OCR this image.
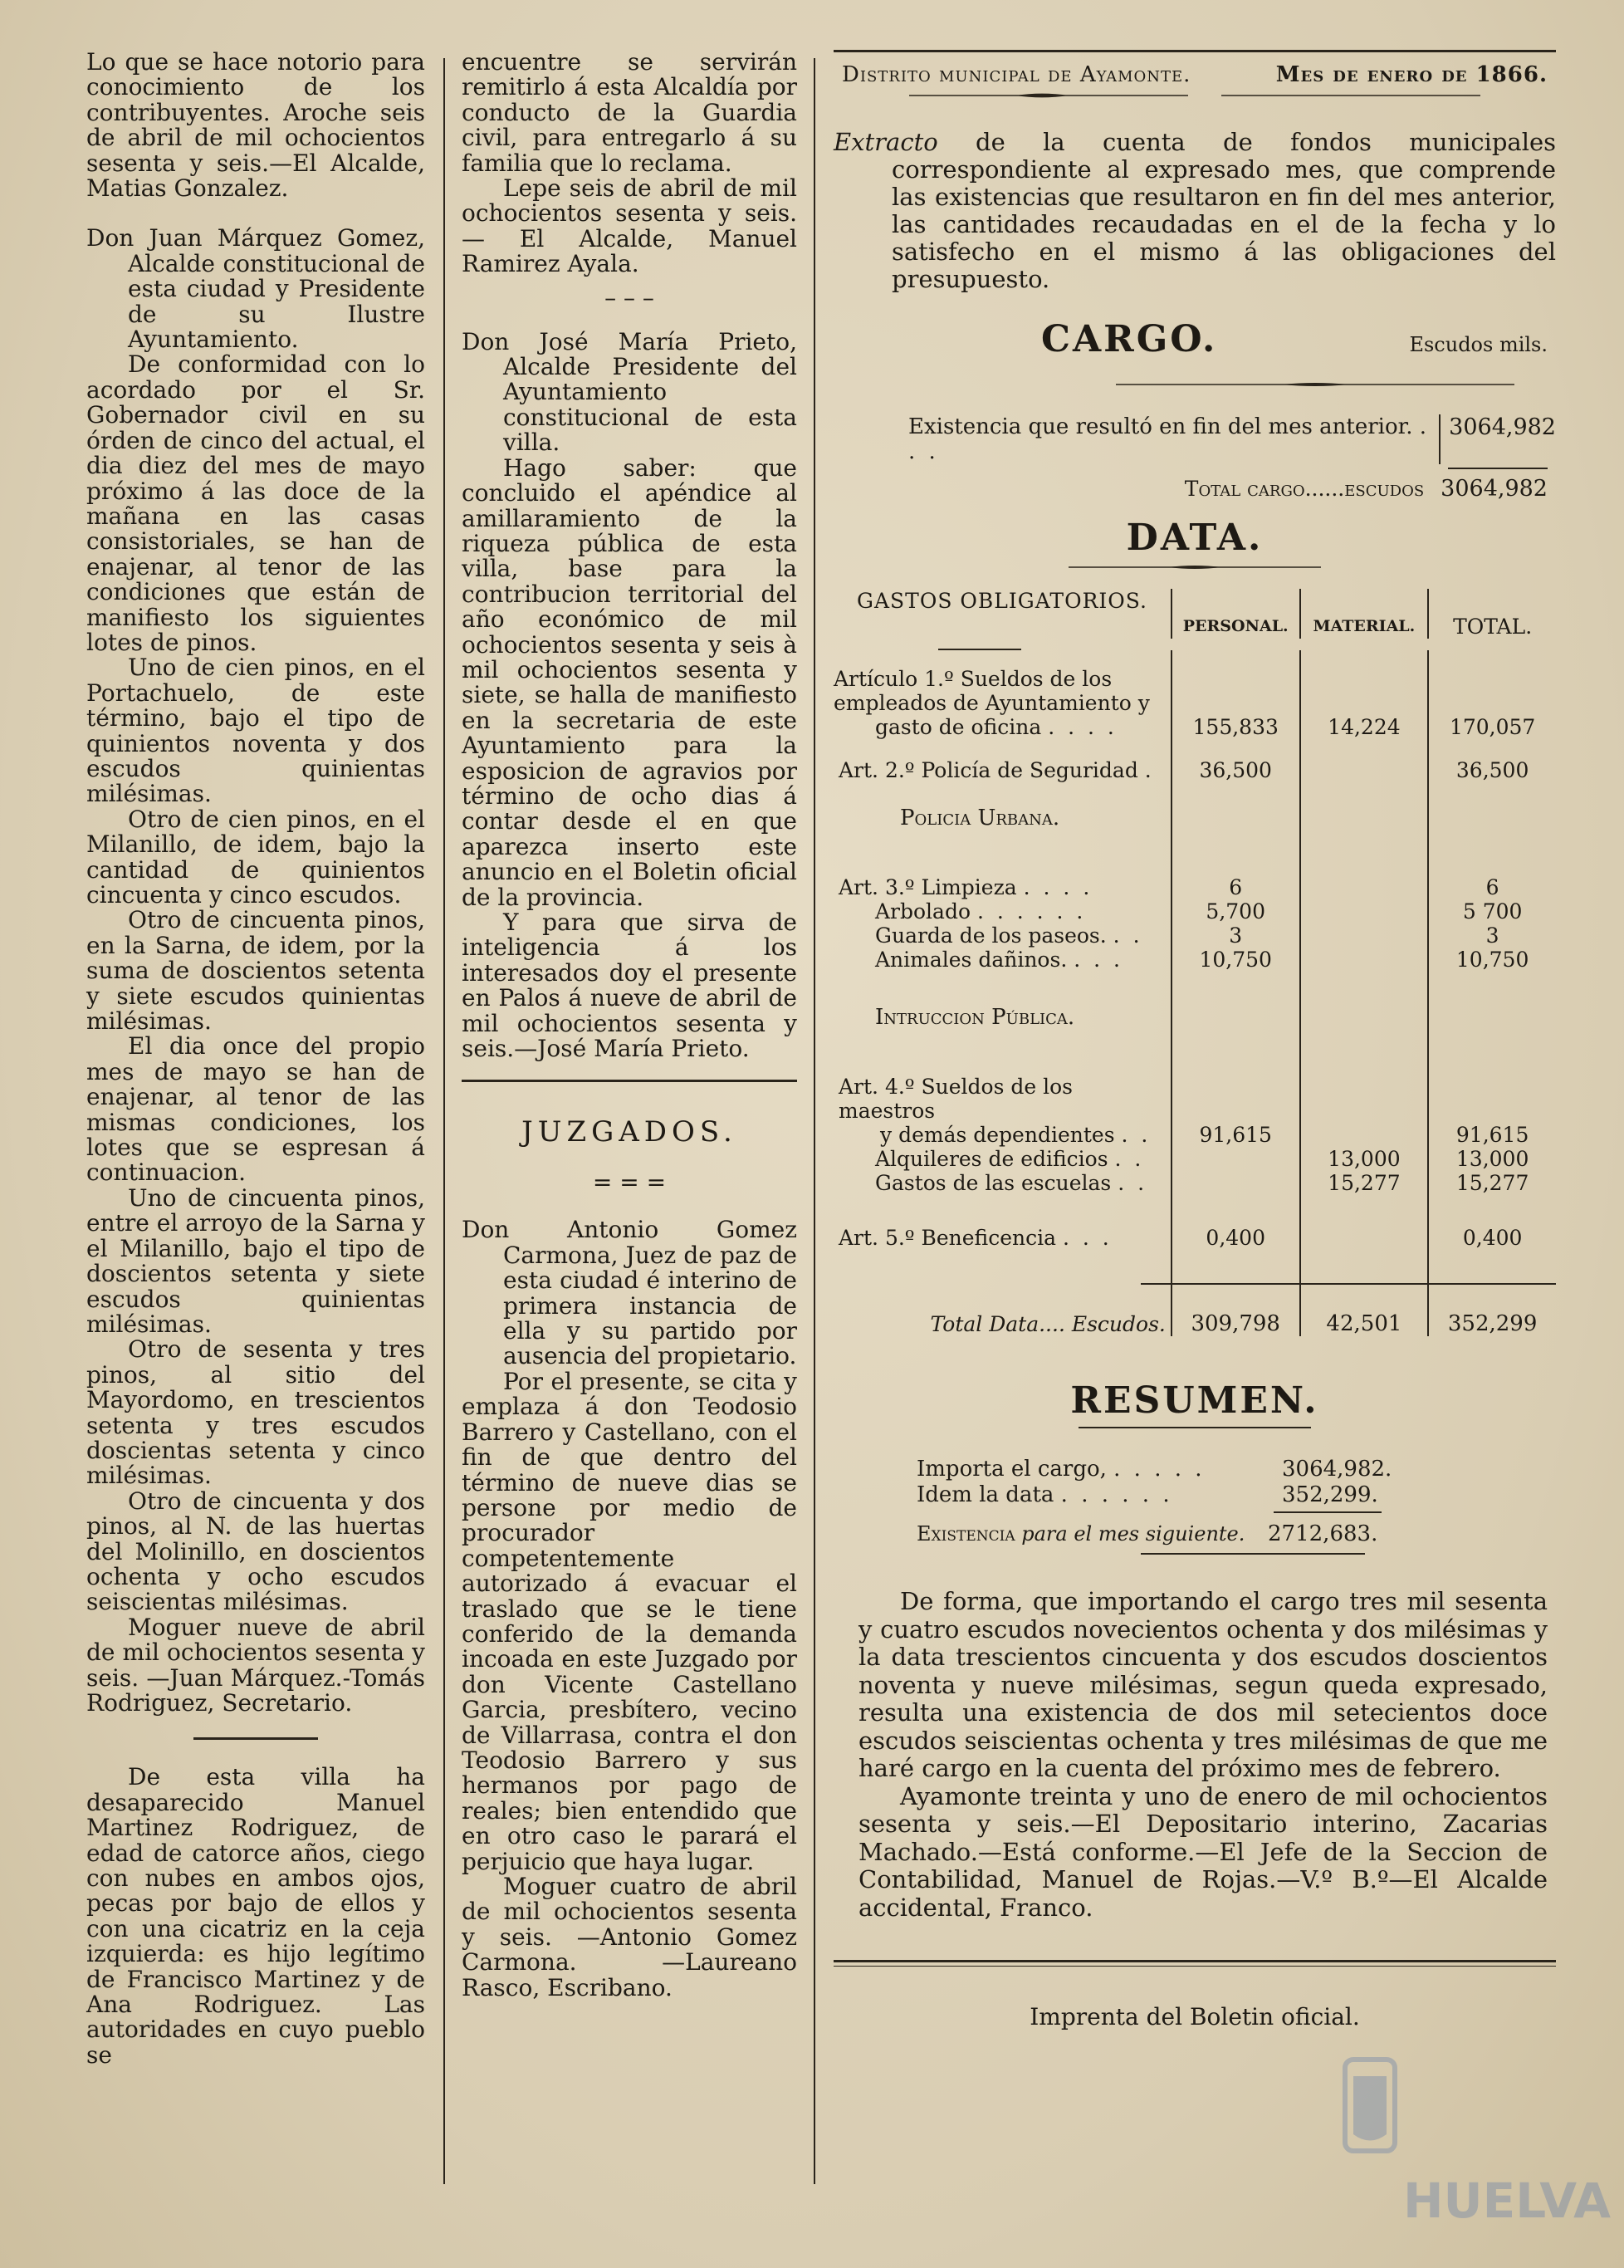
Lo que se hace notorio para conocimiento de los contribuyentes. Aroche seis de abril de mil ochocientos sesenta y seis.—El Alcalde, Matias Gonzalez.

Don Juan Márquez Gomez, Alcalde constitucional de esta ciudad y Presidente de su Ilustre Ayuntamiento.

De conformidad con lo acordado por el Sr. Gobernador civil en su órden de cinco del actual, el dia diez del mes de mayo próximo á las doce de la mañana en las casas consistoriales, se han de enajenar, al tenor de las condiciones que están de manifiesto los siguientes lotes de pinos.

Uno de cien pinos, en el Portachuelo, de este término, bajo el tipo de quinientos noventa y dos escudos quinientas milésimas.

Otro de cien pinos, en el Milanillo, de idem, bajo la cantidad de quinientos cincuenta y cinco escudos.

Otro de cincuenta pinos, en la Sarna, de idem, por la suma de doscientos setenta y siete escudos quinientas milésimas.

El dia once del propio mes de mayo se han de enajenar, al tenor de las mismas condiciones, los lotes que se espresan á continuacion.

Uno de cincuenta pinos, entre el arroyo de la Sarna y el Milanillo, bajo el tipo de doscientos setenta y siete escudos quinientas milésimas.

Otro de sesenta y tres pinos, al sitio del Mayordomo, en trescientos setenta y tres escudos doscientas setenta y cinco milésimas.

Otro de cincuenta y dos pinos, al N. de las huertas del Molinillo, en doscientos ochenta y ocho escudos seiscientas milésimas.

Moguer nueve de abril de mil ochocientos sesenta y seis. —Juan Márquez.-Tomás Rodriguez, Secretario.

De esta villa ha desaparecido Manuel Martinez Rodriguez, de edad de catorce años, ciego con nubes en ambos ojos, pecas por bajo de ellos y con una cicatriz en la ceja izquierda: es hijo legítimo de Francisco Martinez y de Ana Rodriguez. Las autoridades en cuyo pueblo se

encuentre se servirán remitirlo á esta Alcaldía por conducto de la Guardia civil, para entregarlo á su familia que lo reclama.

Lepe seis de abril de mil ochocientos sesenta y seis.— El Alcalde, Manuel Ramirez Ayala.

– – –

Don José María Prieto, Alcalde Presidente del Ayuntamiento constitucional de esta villa.

Hago saber: que concluido el apéndice al amillaramiento de la riqueza pública de esta villa, base para la contribucion territorial del año económico de mil ochocientos sesenta y seis à mil ochocientos sesenta y siete, se halla de manifiesto en la secretaria de este Ayuntamiento para la esposicion de agravios por término de ocho dias á contar desde el en que aparezca inserto este anuncio en el Boletin oficial de la provincia.

Y para que sirva de inteligencia á los interesados doy el presente en Palos á nueve de abril de mil ochocientos sesenta y seis.—José María Prieto.

JUZGADOS.
= = =

Don Antonio Gomez Carmona, Juez de paz de esta ciudad é interino de primera instancia de ella y su partido por ausencia del propietario.

Por el presente, se cita y emplaza á don Teodosio Barrero y Castellano, con el fin de que dentro del término de nueve dias se persone por medio de procurador competentemente autorizado á evacuar el traslado que se le tiene conferido de la demanda incoada en este Juzgado por don Vicente Castellano Garcia, presbítero, vecino de Villarrasa, contra el don Teodosio Barrero y sus hermanos por pago de reales; bien entendido que en otro caso le parará el perjuicio que haya lugar.

Moguer cuatro de abril de mil ochocientos sesenta y seis. —Antonio Gomez Carmona. —Laureano Rasco, Escribano.

Distrito municipal de Ayamonte.	Mes de enero de 1866.

Extracto de la cuenta de fondos municipales correspondiente al expresado mes, que comprende las existencias que resultaron en fin del mes anterior, las cantidades recaudadas en el de la fecha y lo satisfecho en el mismo á las obligaciones del presupuesto.

CARGO.	Escudos mils.
Existencia que resultó en fin del mes anterior. . . .
3064,982
Total cargo......escudos 3064,982
DATA.
GASTOS OBLIGATORIOS.	PERSONAL.	MATERIAL.	TOTAL.

Artículo 1.º Sueldos de los empleados de Ayuntamiento y
gasto de oficina . . . .	155,833	14,224	170,057
Art. 2.º Policía de Seguridad .	36,500		36,500
Policia Urbana.			

Art. 3.º Limpieza . . . .	6		6
Arbolado . . . . . .	5,700		5 700
Guarda de los paseos. . .	3		3
Animales dañinos. . . .	10,750		10,750
Intruccion Pública.			

Art. 4.º Sueldos de los maestros
y demás dependientes . .	91,615		91,615
Alquileres de edificios . .		13,000	13,000
Gastos de las escuelas . .		15,277	15,277
Art. 5.º Beneficencia . . .	0,400		0,400

Total Data.... Escudos.	309,798	42,501	352,299
RESUMEN.
Importa el cargo, . . . . .	3064,982.
Idem la data . . . . . .	352,299.
Existencia para el mes siguiente. 2712,683.

De forma, que importando el cargo tres mil sesenta y cuatro escudos novecientos ochenta y dos milésimas y la data trescientos cincuenta y dos escudos doscientos noventa y nueve milésimas, segun queda expresado, resulta una existencia de dos mil setecientos doce escudos seiscientas ochenta y tres milésimas de que me haré cargo en la cuenta del próximo mes de febrero.

Ayamonte treinta y uno de enero de mil ochocientos sesenta y seis.—El Depositario interino, Zacarias Machado.—Está conforme.—El Jefe de la Seccion de Contabilidad, Manuel de Rojas.—V.º B.º—El Alcalde accidental, Franco.

Imprenta del Boletin oficial.
HUELVA
